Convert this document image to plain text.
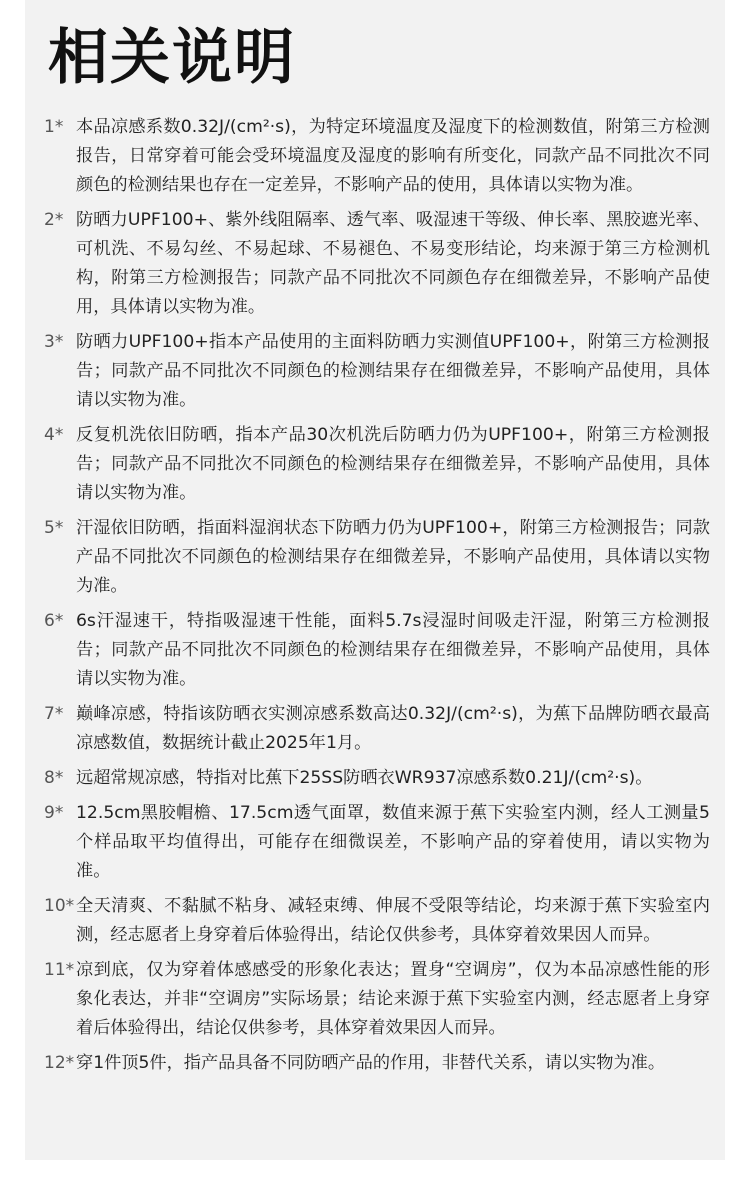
相关说明
1* 本品凉感系数0.32J/(cm²·s)，为特定环境温度及湿度下的检测数值，附第三方检测报告，日常穿着可能会受环境温度及湿度的影响有所变化，同款产品不同批次不同颜色的检测结果也存在一定差异，不影响产品的使用，具体请以实物为准。
2* 防晒力UPF100+、紫外线阻隔率、透气率、吸湿速干等级、伸长率、黑胶遮光率、可机洗、不易勾丝、不易起球、不易褪色、不易变形结论，均来源于第三方检测机构，附第三方检测报告；同款产品不同批次不同颜色存在细微差异，不影响产品使用，具体请以实物为准。
3* 防晒力UPF100+指本产品使用的主面料防晒力实测值UPF100+，附第三方检测报告；同款产品不同批次不同颜色的检测结果存在细微差异，不影响产品使用，具体请以实物为准。
4* 反复机洗依旧防晒，指本产品30次机洗后防晒力仍为UPF100+，附第三方检测报告；同款产品不同批次不同颜色的检测结果存在细微差异，不影响产品使用，具体请以实物为准。
5* 汗湿依旧防晒，指面料湿润状态下防晒力仍为UPF100+，附第三方检测报告；同款产品不同批次不同颜色的检测结果存在细微差异，不影响产品使用，具体请以实物为准。
6* 6s汗湿速干，特指吸湿速干性能，面料5.7s浸湿时间吸走汗湿，附第三方检测报告；同款产品不同批次不同颜色的检测结果存在细微差异，不影响产品使用，具体请以实物为准。
7* 巅峰凉感，特指该防晒衣实测凉感系数高达0.32J/(cm²·s)，为蕉下品牌防晒衣最高凉感数值，数据统计截止2025年1月。
8* 远超常规凉感，特指对比蕉下25SS防晒衣WR937凉感系数0.21J/(cm²·s)。
9* 12.5cm黑胶帽檐、17.5cm透气面罩，数值来源于蕉下实验室内测，经人工测量5个样品取平均值得出，可能存在细微误差，不影响产品的穿着使用，请以实物为准。
10* 全天清爽、不黏腻不粘身、减轻束缚、伸展不受限等结论，均来源于蕉下实验室内测，经志愿者上身穿着后体验得出，结论仅供参考，具体穿着效果因人而异。
11* 凉到底，仅为穿着体感感受的形象化表达；置身“空调房”，仅为本品凉感性能的形象化表达，并非“空调房”实际场景；结论来源于蕉下实验室内测，经志愿者上身穿着后体验得出，结论仅供参考，具体穿着效果因人而异。
12* 穿1件顶5件，指产品具备不同防晒产品的作用，非替代关系，请以实物为准。
